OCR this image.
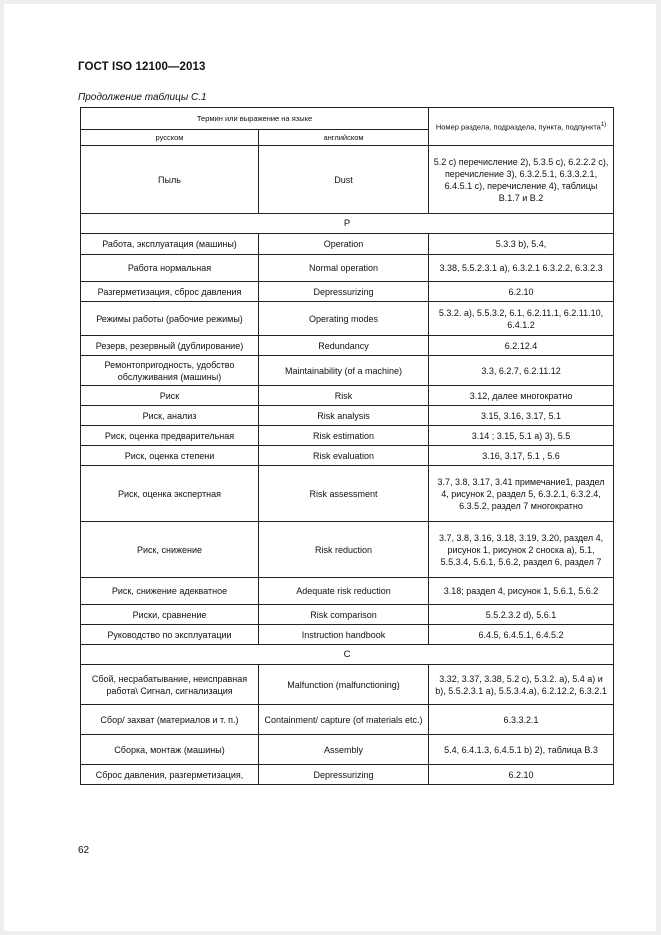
ГОСТ ISO 12100—2013
Продолжение таблицы С.1
Термин или выражение на языке		Номер раздела, подраздела, пункта, подпункта$^{1)}$
русском	английском	
Пыль	Dust	5.2 с) перечисление 2), 5.3.5 с), 6.2.2.2 с), перечисление 3), 6.3.2.5.1, 6.3.3.2.1, 6.4.5.1 с), перечисление 4), таблицы В.1.7 и В.2
Р		
Работа, эксплуатация (машины)	Operation	5.3.3 b), 5.4,
Работа нормальная	Normal operation	3.38, 5.5.2.3.1 a), 6.3.2.1 6.3.2.2, 6.3.2.3
Разгерметизация, сброс давления	Depressurizing	6.2.10
Режимы работы (рабочие режимы)	Operating modes	5.3.2. a), 5.5.3.2, 6.1, 6.2.11.1, 6.2.11.10, 6.4.1.2
Резерв, резервный (дублирование)	Redundancy	6.2.12.4
Ремонтопригодность, удобство обслуживания (машины)	Maintainability (of a machine)	3.3, 6.2.7, 6.2.11.12
Риск	Risk	3.12, далее многократно
Риск, анализ	Risk analysis	3.15, 3.16, 3.17, 5.1
Риск, оценка предварительная	Risk estimation	3.14 ; 3.15, 5.1 a) 3), 5.5
Риск, оценка степени	Risk evaluation	3.16, 3.17, 5.1 , 5.6
Риск, оценка экспертная	Risk assessment	3.7, 3.8, 3.17, 3.41 примечание1, раздел 4, рисунок 2, раздел 5, 6.3.2.1, 6.3.2.4, 6.3.5.2, раздел 7 многократно
Риск, снижение	Risk reduction	3.7, 3.8, 3.16, 3.18, 3.19, 3.20, раздел 4, рисунок 1, рисунок 2 сноска a), 5.1, 5.5.3.4, 5.6.1, 5.6.2, раздел 6, раздел 7
Риск, снижение адекватное	Adequate risk reduction	3.18; раздел 4, рисунок 1, 5.6.1, 5.6.2
Риски, сравнение	Risk comparison	5.5.2.3.2 d), 5.6.1
Руководство по эксплуатации	Instruction handbook	6.4.5, 6.4.5.1, 6.4.5.2
С		
Сбой, несрабатывание, неисправная работа\ Сигнал, сигнализация	Malfunction (malfunctioning)	3.32, 3.37, 3.38, 5.2 c), 5.3.2. a), 5.4 a) и b), 5.5.2.3.1 a), 5.5.3.4.a), 6.2.12.2, 6.3.2.1
Сбор/ захват (материалов и т. п.)	Containment/ capture (of materials etc.)	6.3.3.2.1
Сборка, монтаж (машины)	Assembly	5.4, 6.4.1.3, 6.4.5.1 b) 2), таблица B.3
Сброс давления, разгерметизация,	Depressurizing	6.2.10
62
